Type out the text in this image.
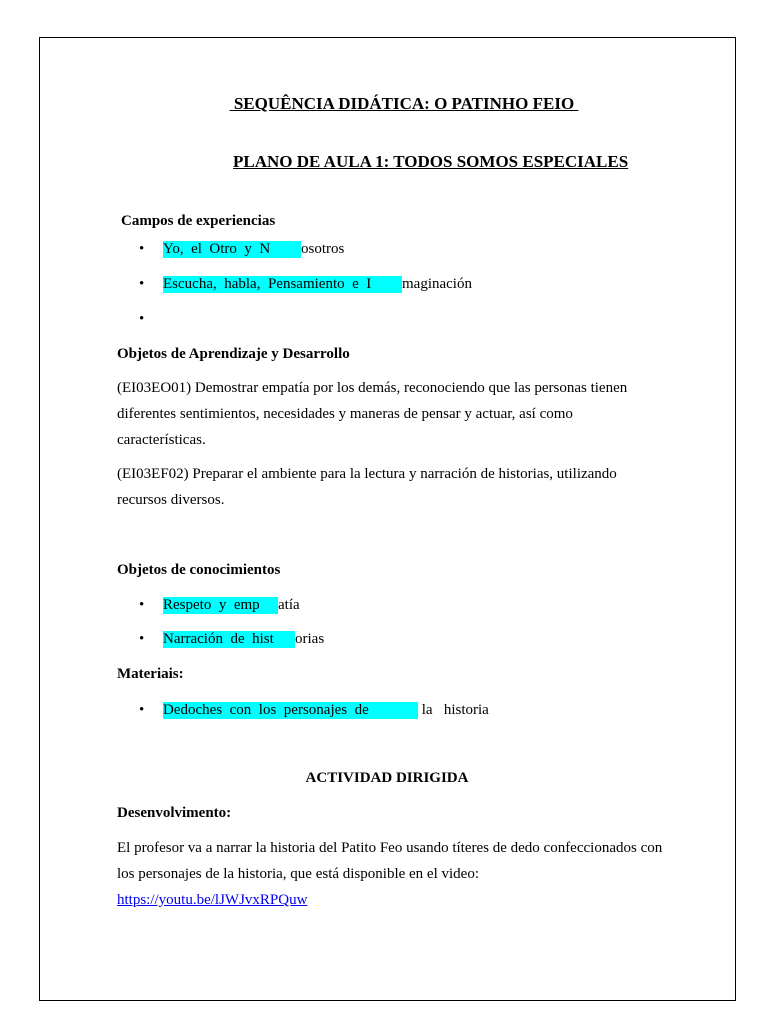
SEQUÊNCIA DIDÁTICA: O PATINHO FEIO
PLANO DE AULA 1: TODOS SOMOS ESPECIALES
Campos de experiencias
• Yo,  el  Otro  y  N osotros
• Escucha,  habla,  Pensamiento  e  I maginación
•
Objetos de Aprendizaje y Desarrollo
(EI03EO01) Demostrar empatía por los demás, reconociendo que las personas tienen
diferentes sentimientos, necesidades y maneras de pensar y actuar, así como
características.
(EI03EF02) Preparar el ambiente para la lectura y narración de historias, utilizando
recursos diversos.
Objetos de conocimientos
• Respeto  y  emp atía
• Narración  de  hist orias
Materiais:
• Dedoches  con  los  personajes  de	la   historia
ACTIVIDAD DIRIGIDA
Desenvolvimento:
El profesor va a narrar la historia del Patito Feo usando títeres de dedo confeccionados con
los personajes de la historia, que está disponible en el video:
https://youtu.be/lJWJvxRPQuw
